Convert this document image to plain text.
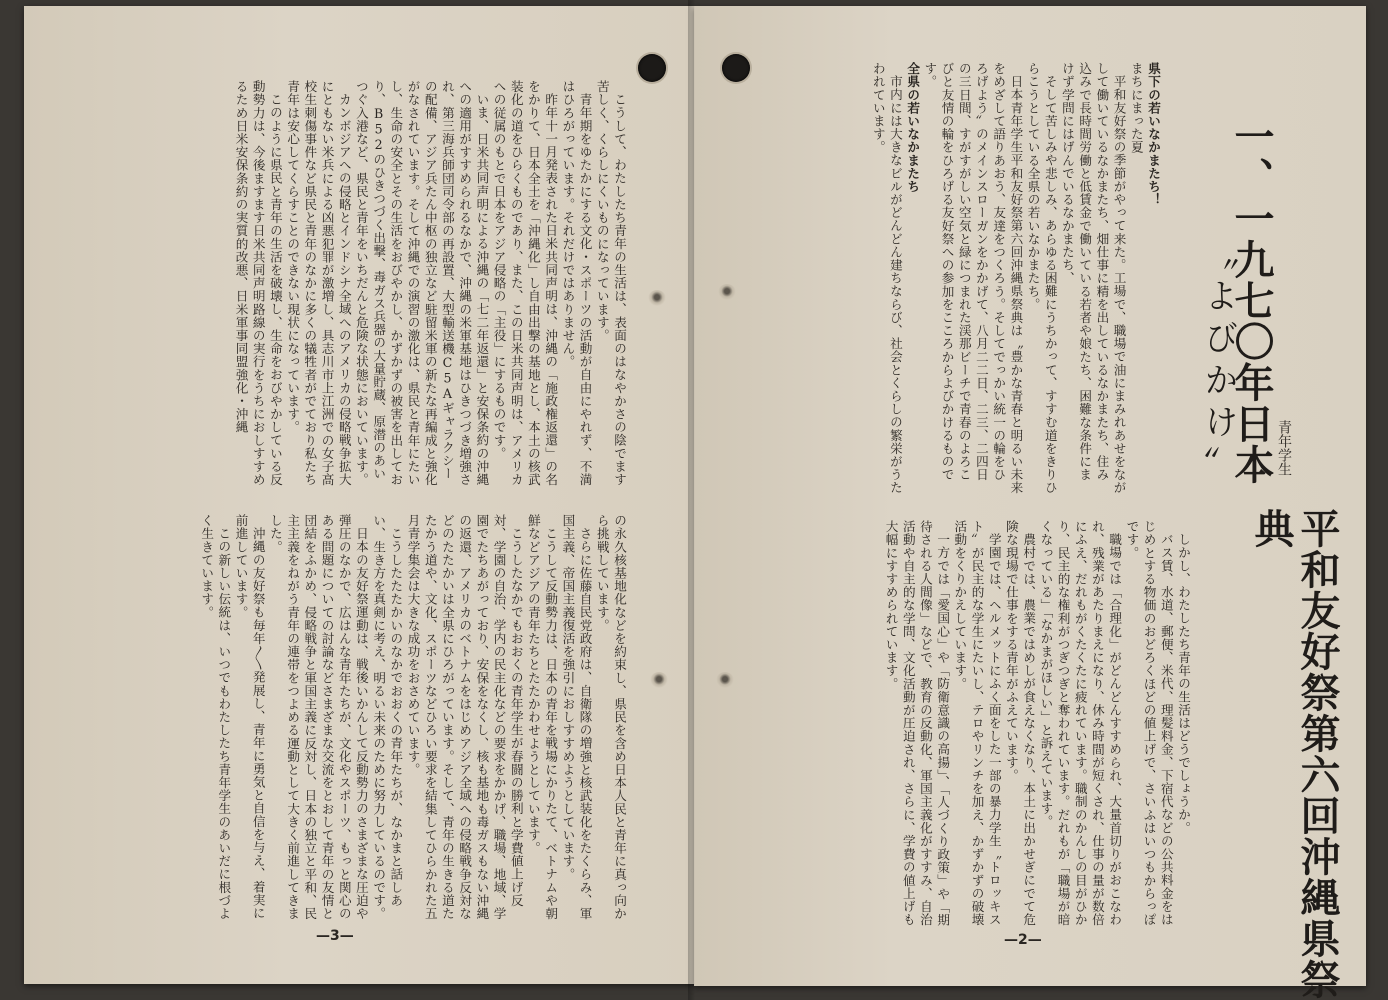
一、一九七〇年日本 青年学生
平和友好祭第六回沖縄県祭典
〝よびかけ〟

県下の若いなかまたち！

まちにまった夏

平和友好祭の季節がやって来た。工場で、職場で油にまみれあせをながして働いているなかまたち、畑仕事に精を出しているなかまたち、住み込みで長時間労働と低賃金で働いている若者や娘たち、困難な条件にまけず学問にはげんでいるなかまたち、

そして苦しみや悲しみ、あらゆる困難にうちかって、すすむ道をきりひらこうとしている全県の若いなかまたち。

日本青年学生平和友好祭第六回沖縄県祭典は〝豊かな青春と明るい未来をめざして語りあおう、友達をつくろう。そしてでっかい統一の輪をひろげよう〟のメインスローガンをかかげて、八月二二日、二三、二四日の三日間、すがすがしい空気と緑につまれた渓那ビーチで青春のよろこびと友情の輪をひろげる友好祭への参加をこころからよびかけるものです。

全県の若いなかまたち

市内には大きなビルがどんどん建ちならび、社会とくらしの繁栄がうたわれています。

しかし、わたしたち青年の生活はどうでしょうか。

バス賃、水道、郵便、米代、理髪料金、下宿代などの公共料金をはじめとする物価のおどろくほどの値上げで、さいふはいつもからっぽです。

職場では「合理化」がどんどんすすめられ、大量首切りがおこなわれ、残業があたりまえになり、休み時間が短くされ、仕事の量が数倍にふえ、だれもがくたくたに疲れています。職制のかんしの目がひかり、民主的な権利がつぎつぎと奪われています。だれもが「職場が暗くなっている」「なかまがほしい」と訴えています。

農村では、農業ではめしが食えなくなり、本土に出かせぎにでて危険な現場で仕事をする青年がふえています。

学園では、ヘルメットにふく面をした一部の暴力学生〝トロッキスト〟が民主的な学生にたいし、テロやリンチを加え、かずかずの破壊活動をくりかえしています。

一方では「愛国心」や「防衛意識の高揚」、「人づくり政策」や「期待される人間像」などで、教育の反動化、軍国主義化がすすみ、自治活動や自主的な学問、文化活動が圧迫され、さらに、学費の値上げも大幅にすすめられています。

—2—

こうして、わたしたち青年の生活は、表面のはなやかさの陰でます苦しく、くらしにくいものになっています。

青年期をゆたかにする文化・スポーツの活動が自由にやれず、不満はひろがっています。それだけではありません。

昨年十一月発表された日米共同声明は、沖縄の「施政権返還」の名をかりて、日本全土を「沖縄化」し自由出撃の基地とし、本土の核武装化の道をひらくものであり、また、この日米共同声明は、アメリカへの従属のもとで日本をアジア侵略の「主役」にするものです。

いま、日米共同声明による沖縄の「七二年返還」と安保条約の沖縄への適用がすすめられるなかで、沖縄の米軍基地はひきつづき増強され、第三海兵師団司令部の再設置、大型輸送機C5Aギャラクシーの配備、アジア兵たん中枢の独立など駐留米軍の新たな再編成と強化がなされています。そして沖縄での演習の激化は、県民と青年にたいし、生命の安全とその生活をおびやかし、かずかずの被害を出しており、B52のひきつづく出撃、毒ガス兵器の大量貯蔵、原潜のあいつぐ入港など、県民と青年をいちだんと危険な状態においています。

カンボジアへの侵略とインドシナ全域へのアメリカの侵略戦争拡大にともない米兵による凶悪犯罪が激増し、具志川市上江洲での女子高校生刺傷事件など県民と青年のなかに多くの犠牲者がでており私たち青年は安心してくらすことのできない現状になっています。

このように県民と青年の生活を破壊し、生命をおびやかしている反動勢力は、今後ますます日米共同声明路線の実行をうちにおしすすめるため日米安保条約の実質的改悪、日米軍事同盟強化・沖縄

の永久核基地化などを約束し、県民を含め日本人民と青年に真っ向から挑戦しています。

さらに佐藤自民党政府は、自衛隊の増強と核武装化をたくらみ、軍国主義、帝国主義復活を強引におしすすめようとしています。

こうして反動勢力は、日本の青年を戦場にかりたて、ベトナムや朝鮮などアジアの青年たちとたたかわせようとしています。

こうしたなかでもおおくの青年学生が春闘の勝利と学費値上げ反対、学園の自治、学内の民主化などの要求をかかげ、職場、地域、学園でたちあがっており、安保をなくし、核も基地も毒ガスもない沖縄の返還、アメリカのベトナムをはじめアジア全域への侵略戦争反対などのたたかいは全県にひろがっています。そして、青年の生きる道たたかう道や、文化、スポーツなどひろい要求を結集してひらかれた五月青学集会は大きな成功をおさめています。

こうしたたたかいのなかでおおくの青年たちが、なかまと話しあい、生き方を真剣に考え、明るい未来のために努力しているのです。

日本の友好祭運動は、戦後いかんして反動勢力のさまざまな圧迫や弾圧のなかで、広はんな青年たちが、文化やスポーツ、もっと関心のある問題についての討論などさまざまな交流をとおして青年の友情と団結をふかめ、侵略戦争と軍国主義に反対し、日本の独立と平和、民主主義をねがう青年の連帯をつよめる運動として大きく前進してきました。

沖縄の友好祭も毎年〳〵発展し、青年に勇気と自信を与え、着実に前進しています。

この新しい伝統は、いつでもわたしたち青年学生のあいだに根づよく生きています。

—3—
